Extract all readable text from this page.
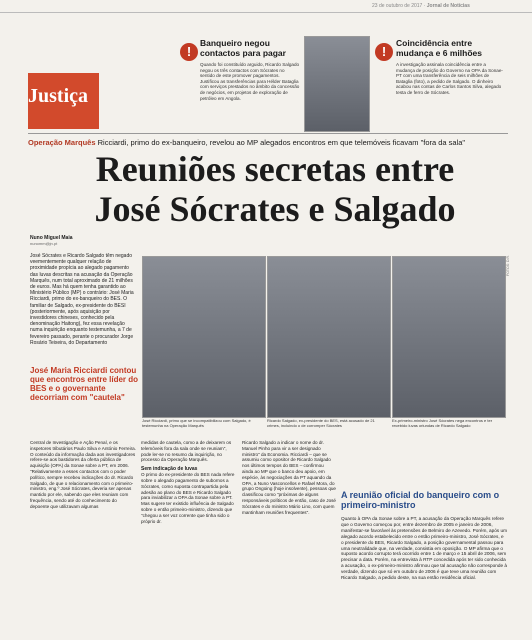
23 de outubro de 2017 · Jornal de Notícias
Justiça
!
Banqueiro negou contactos para pagar
Quando foi constituído arguido, Ricardo Salgado negou os três contactos com Sócrates no sentido de este promover pagamentos. Justificou as transferências para Hélder Bataglia com serviços prestados no âmbito da concessão de negócios, em projetos de exploração de petróleo em Angola.
!
Coincidência entre mudança e 6 milhões
A investigação assinala coincidência entre a mudança de posição do Governo na OPA da Sonae-PT com uma transferência de seis milhões de Bataglia (foto), a pedido de Salgado. O dinheiro acabou nas contas de Carlos Santos Silva, alegado testa de ferro de Sócrates.
Operação Marquês Ricciardi, primo do ex-banqueiro, revelou ao MP alegados encontros em que telemóveis ficavam "fora da sala"
Reuniões secretas entre
José Sócrates e Salgado
Nuno Miguel Maia
nunomm@jn.pt
José Sócrates e Ricardo Salgado têm negado veementemente qualquer relação de proximidade propícia ao alegado pagamento das luvas descritas na acusação da Operação Marquês, num total aproximado de 21 milhões de euros. Mas há quem tenha garantido ao Ministério Público (MP) o contrário: José Maria Ricciardi, primo do ex-banqueiro do BES. O familiar de Salgado, ex-presidente do BESI (posteriormente, após aquisição por investidores chineses, conhecido pela denominação Haitong), fez essa revelação numa inquirição enquanto testemunha, a 7 de fevereiro passado, perante o procurador Jorge Rosário Teixeira, do Departamento
José Maria Ricciardi contou que encontros entre líder do BES e o governante decorriam com "cautela"
FOTOS: D.R.
José Ricciardi, primo que se incompatibilizou com Salgado, é testemunha na Operação Marquês
Ricardo Salgado, ex-presidente do BES, está acusado de 21 crimes, incluindo o de corromper Sócrates
Ex-primeiro-ministro José Sócrates nega encontros e ter recebido luvas oriundas de Ricardo Salgado
Central de Investigação e Ação Penal, e os inspetores tributários Paulo Silva e António Ferreira. O conteúdo da informação dada aos investigadores refere-se aos bastidores da oferta pública de aquisição (OPA) da Sonae sobre a PT, em 2006. "Relativamente a esses contactos com o poder político, sempre recebeu indicações do dr. Ricardo Salgado, de que o relacionamento com o primeiro-ministro, eng.º José Sócrates, deveria ser apenas mantido por ele, sabendo que eles reuniam com frequência, sendo até do conhecimento do depoente que utilizavam algumas
medidas de cautela, como a de deixarem os telemóveis fora da sala onde se reuniam", pode ler-se no resumo da inquirição, no processo da Operação Marquês.
Sem indicação de luvas
O primo do ex-presidente do BES nada refere sobre o alegado pagamento de subornos a Sócrates, como suposta contrapartida pela adesão ao plano do BES e Ricardo Salgado para inviabilizar a OPA da Sonae sobre a PT. Mas sugere ter existido influência de Salgado sobre o então primeiro-ministro, dizendo que "chegou a ser voz corrente que tinha sido o próprio dr.
Ricardo Salgado a indicar o nome do dr. Manuel Pinho para vir a ser designado ministro" da Economia. Ricciardi – que se assumiu como opositor de Ricardo Salgado nos últimos tempos do BES – confirmou ainda ao MP que o banco deu apoio, em espécie, às negociações da PT aquando da OPA, a Nuno Vasconcellos e Rafael Mora, do grupo Ongoing (hoje insolvente), pessoas que classificou como "próximas de alguns responsáveis políticos de então, caso de José Sócrates e do ministro Mário Lino, com quem mantinham reuniões frequentes".
A reunião oficial do banqueiro com o primeiro-ministro
Quanto à OPA da Sonae sobre a PT, a acusação da Operação Marquês refere que o Governo começou por, entre dezembro de 2005 e janeiro de 2006, manifestar-se favorável às pretensões de Belmiro de Azevedo. Porém, após um alegado acordo estabelecido entre o então primeiro-ministro, José Sócrates, e o presidente do BES, Ricardo Salgado, a posição governamental passou para uma neutralidade que, na verdade, consistia em oposição. O MP afirma que o suposto acordo corrupto terá ocorrido entre 1 de março e 15 abril de 2006, sem precisar a data. Porém, na entrevista à RTP concedida após ter sido conhecida a acusação, o ex-primeiro-ministro afirmou que tal acusação não corresponde à verdade, dizendo que só em outubro de 2006 é que teve uma reunião com Ricardo Salgado, a pedido deste, na sua então residência oficial.
